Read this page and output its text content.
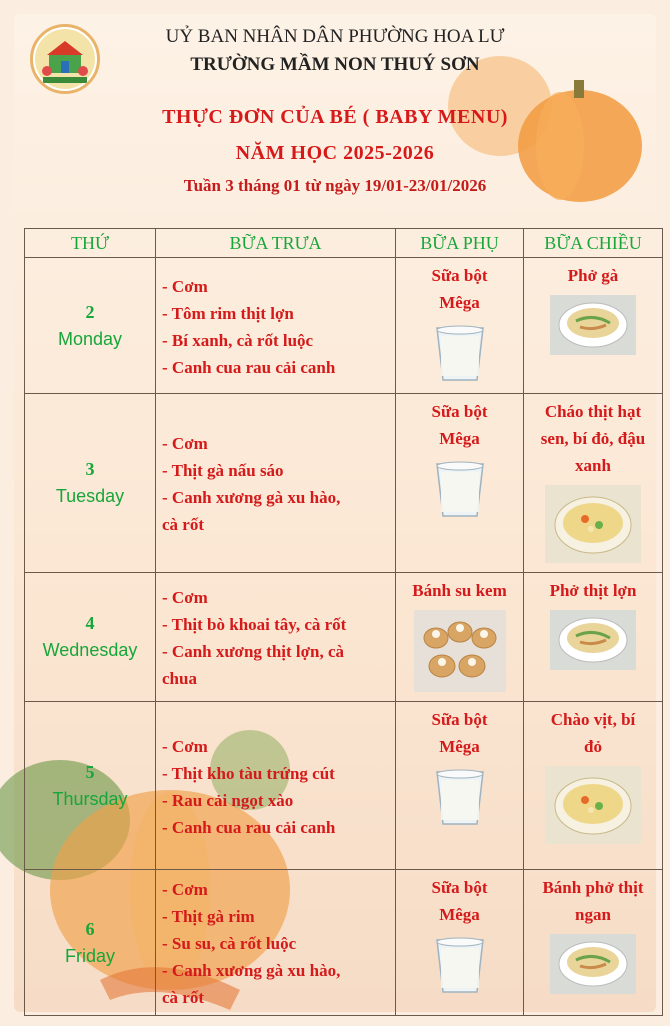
UỶ BAN NHÂN DÂN PHƯỜNG HOA LƯ
TRƯỜNG MẦM NON THUÝ SƠN
THỰC ĐƠN CỦA BÉ ( BABY MENU)
NĂM HỌC 2025-2026
Tuần 3 tháng 01 từ ngày 19/01-23/01/2026
THỨ	BỮA TRƯA	BỮA PHỤ	BỮA CHIỀU

2
Monday	- Cơm
- Tôm rim thịt lợn
- Bí xanh, cà rốt luộc
- Canh cua rau cải canh	Sữa bột
Mêga	Phở gà

3
Tuesday	- Cơm
- Thịt gà nấu sáo
- Canh xương gà xu hào,
cà rốt	Sữa bột
Mêga	Cháo thịt hạt
sen, bí đỏ, đậu
xanh

4
Wednesday	- Cơm
- Thịt bò khoai tây, cà rốt
- Canh xương thịt lợn, cà
chua	Bánh su kem	Phở thịt lợn

5
Thursday	- Cơm
- Thịt kho tàu trứng cút
- Rau cải ngọt xào
- Canh cua rau cải canh	Sữa bột
Mêga	Chào vịt, bí
đỏ

6
Friday	- Cơm
- Thịt gà rim
- Su su, cà rốt luộc
- Canh xương gà xu hào,
cà rốt	Sữa bột
Mêga	Bánh phở thịt
ngan
